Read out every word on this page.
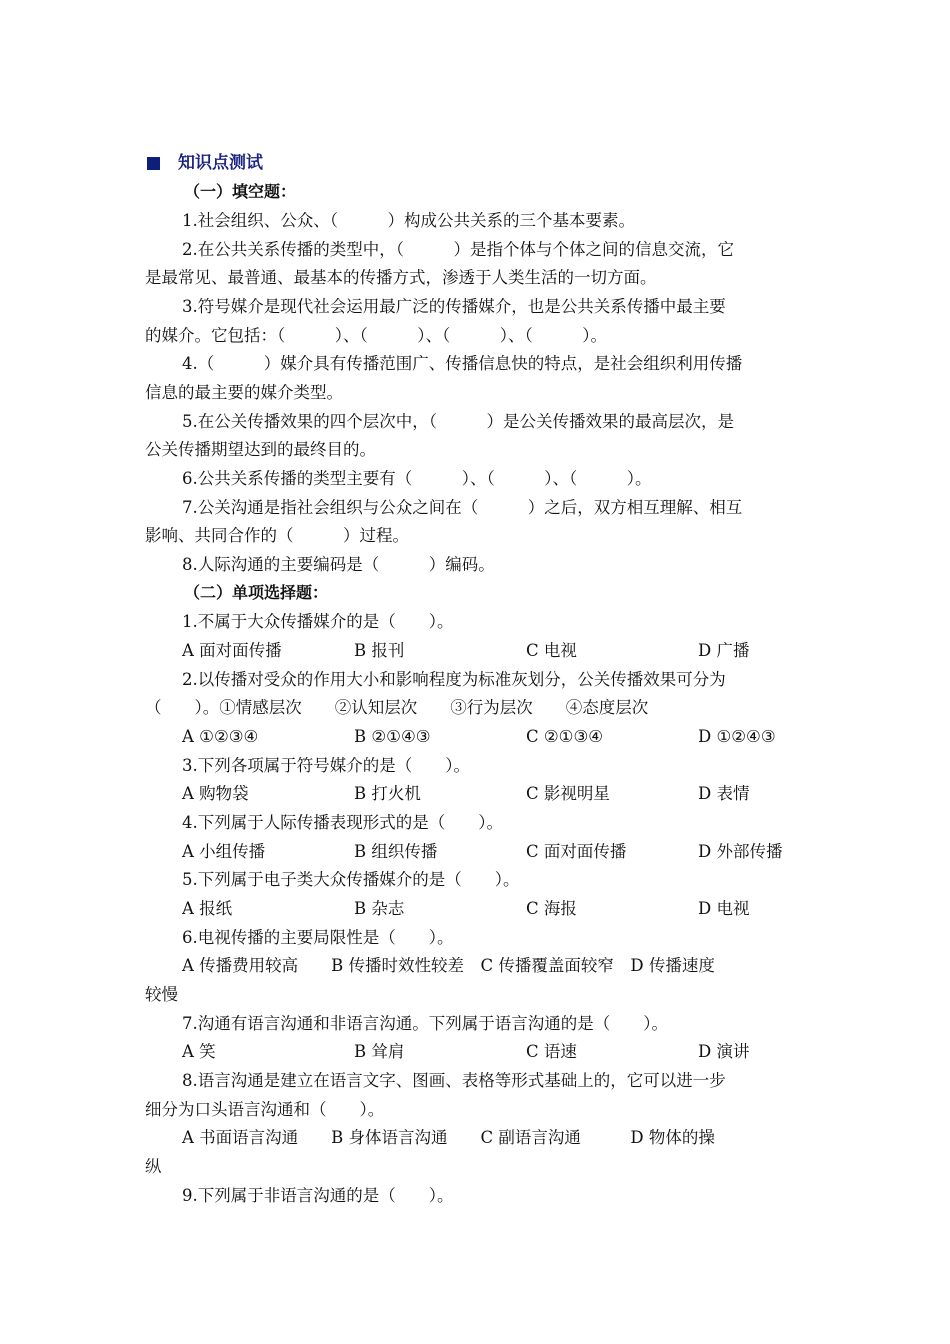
知识点测试
（一）填空题：
1.社会组织、公众、（　　　）构成公共关系的三个基本要素。
2.在公共关系传播的类型中，（　　　）是指个体与个体之间的信息交流，它
是最常见、最普通、最基本的传播方式，渗透于人类生活的一切方面。
3.符号媒介是现代社会运用最广泛的传播媒介，也是公共关系传播中最主要
的媒介。它包括：（　　　）、（　　　）、（　　　）、（　　　）。
4.（　　　）媒介具有传播范围广、传播信息快的特点，是社会组织利用传播
信息的最主要的媒介类型。
5.在公关传播效果的四个层次中，（　　　）是公关传播效果的最高层次，是
公关传播期望达到的最终目的。
6.公共关系传播的类型主要有（　　　）、（　　　）、（　　　）。
7.公关沟通是指社会组织与公众之间在（　　　）之后，双方相互理解、相互
影响、共同合作的（　　　）过程。
8.人际沟通的主要编码是（　　　）编码。
（二）单项选择题：
1.不属于大众传播媒介的是（　　）。
A 面对面传播	B 报刊	C 电视	D 广播
2.以传播对受众的作用大小和影响程度为标准灰划分，公关传播效果可分为
（　　）。①情感层次　　②认知层次　　③行为层次　　④态度层次
A ①②③④	B ②①④③	C ②①③④	D ①②④③
3.下列各项属于符号媒介的是（　　）。
A 购物袋	B 打火机	C 影视明星	D 表情
4.下列属于人际传播表现形式的是（　　）。
A 小组传播	B 组织传播	C 面对面传播	D 外部传播
5.下列属于电子类大众传播媒介的是（　　）。
A 报纸	B 杂志	C 海报	D 电视
6.电视传播的主要局限性是（　　）。
A 传播费用较高　　B 传播时效性较差　C 传播覆盖面较窄　D 传播速度
较慢
7.沟通有语言沟通和非语言沟通。下列属于语言沟通的是（　　）。
A 笑	B 耸肩	C 语速	D 演讲
8.语言沟通是建立在语言文字、图画、表格等形式基础上的，它可以进一步
细分为口头语言沟通和（　　）。
A 书面语言沟通　　B 身体语言沟通　　C 副语言沟通　　　D 物体的操
纵
9.下列属于非语言沟通的是（　　）。
